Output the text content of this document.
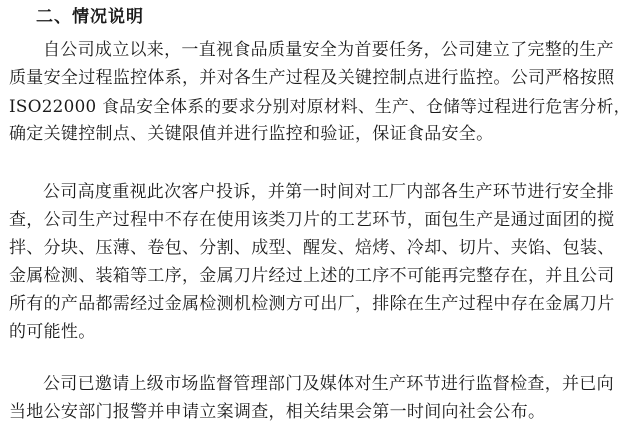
二、情况说明
自公司成立以来，一直视食品质量安全为首要任务，公司建立了完整的生产
质量安全过程监控体系，并对各生产过程及关键控制点进行监控。公司严格按照
ISO22000 食品安全体系的要求分别对原材料、生产、仓储等过程进行危害分析，
确定关键控制点、关键限值并进行监控和验证，保证食品安全。
公司高度重视此次客户投诉，并第一时间对工厂内部各生产环节进行安全排
查，公司生产过程中不存在使用该类刀片的工艺环节，面包生产是通过面团的搅
拌、分块、压薄、卷包、分割、成型、醒发、焙烤、冷却、切片、夹馅、包装、
金属检测、装箱等工序，金属刀片经过上述的工序不可能再完整存在，并且公司
所有的产品都需经过金属检测机检测方可出厂，排除在生产过程中存在金属刀片
的可能性。
公司已邀请上级市场监督管理部门及媒体对生产环节进行监督检查，并已向
当地公安部门报警并申请立案调查，相关结果会第一时间向社会公布。
